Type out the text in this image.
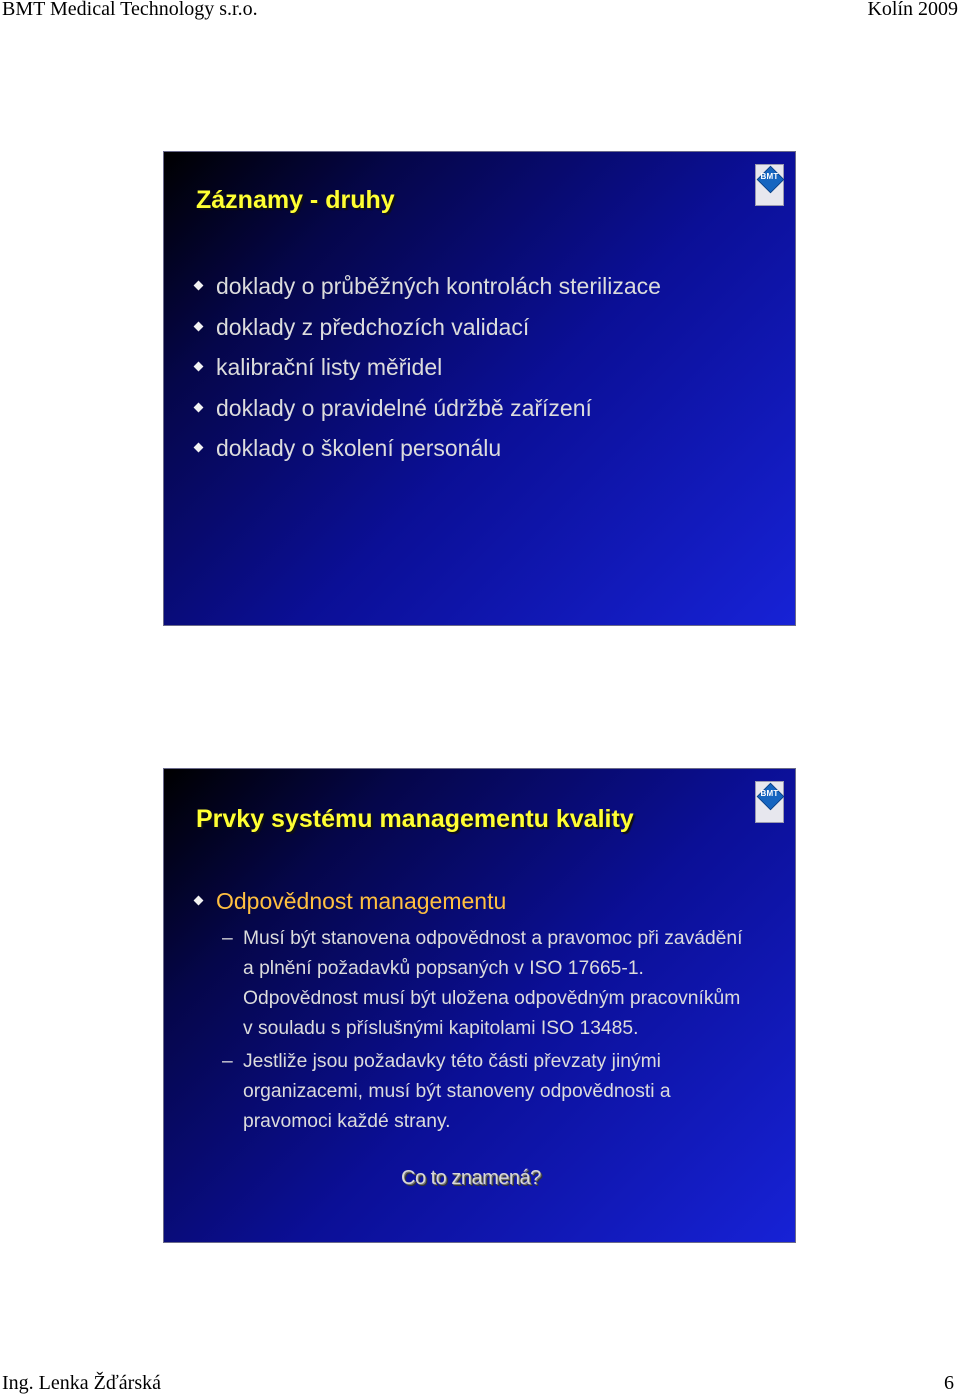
BMT Medical Technology s.r.o.	Kolín 2009
BMT
Záznamy - druhy
doklady o průběžných kontrolách sterilizace
doklady z předchozích validací
kalibrační listy měřidel
doklady o pravidelné údržbě zařízení
doklady o školení personálu
BMT
Prvky systému managementu kvality
Odpovědnost managementu
– Musí být stanovena odpovědnost a pravomoc při zavádění
a plnění požadavků popsaných v ISO 17665-1.
Odpovědnost musí být uložena odpovědným pracovníkům
v souladu s příslušnými kapitolami ISO 13485.
– Jestliže jsou požadavky této části převzaty jinými
organizacemi, musí být stanoveny odpovědnosti a
pravomoci každé strany.
Co to znamená?
Ing. Lenka Žďárská	6
